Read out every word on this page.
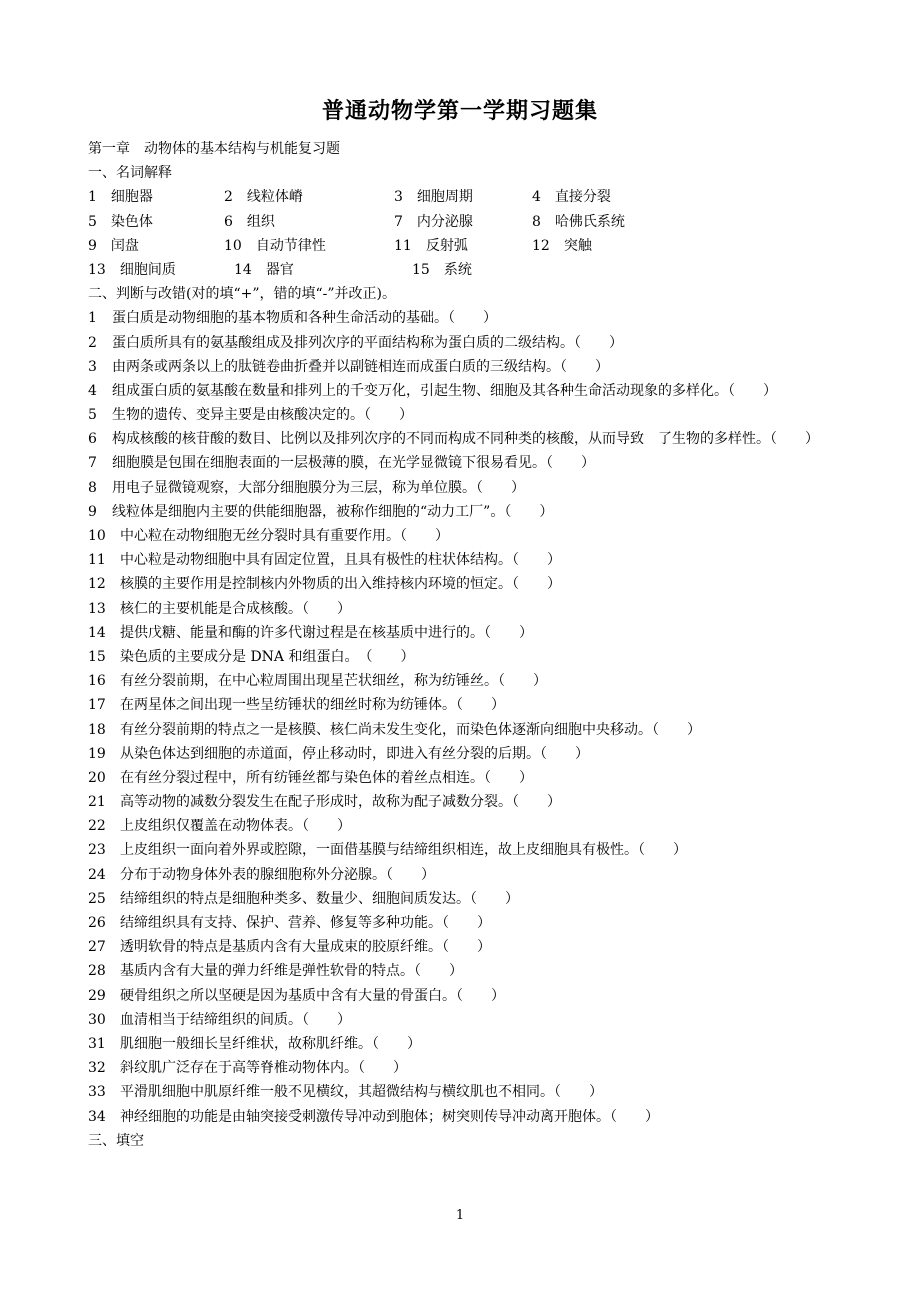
普通动物学第一学期习题集
第一章　动物体的基本结构与机能复习题
一、名词解释
1　细胞器	2　线粒体嵴	3　细胞周期	4　直接分裂
5　染色体	6　组织	7　内分泌腺	8　哈佛氏系统
9　闰盘	10　自动节律性	11　反射弧	12　突触
13　细胞间质	14　器官	15　系统
二、判断与改错(对的填“+”，错的填“-”并改正)。
1 蛋白质是动物细胞的基本物质和各种生命活动的基础。（　　）
2 蛋白质所具有的氨基酸组成及排列次序的平面结构称为蛋白质的二级结构。（　　）
3 由两条或两条以上的肽链卷曲折叠并以副链相连而成蛋白质的三级结构。（　　）
4 组成蛋白质的氨基酸在数量和排列上的千变万化，引起生物、细胞及其各种生命活动现象的多样化。（　　）
5 生物的遗传、变异主要是由核酸决定的。（　　）
6 构成核酸的核苷酸的数目、比例以及排列次序的不同而构成不同种类的核酸，从而导致　了生物的多样性。（　　）
7 细胞膜是包围在细胞表面的一层极薄的膜，在光学显微镜下很易看见。（　　）
8 用电子显微镜观察，大部分细胞膜分为三层，称为单位膜。（　　）
9 线粒体是细胞内主要的供能细胞器，被称作细胞的“动力工厂”。（　　）
10 中心粒在动物细胞无丝分裂时具有重要作用。（　　）
11 中心粒是动物细胞中具有固定位置，且具有极性的柱状体结构。（　　）
12 核膜的主要作用是控制核内外物质的出入维持核内环境的恒定。（　　）
13 核仁的主要机能是合成核酸。（　　）
14 提供戊糖、能量和酶的许多代谢过程是在核基质中进行的。（　　）
15 染色质的主要成分是 DNA 和组蛋白。　（　　）
16 有丝分裂前期，在中心粒周围出现星芒状细丝，称为纺锤丝。（　　）
17 在两星体之间出现一些呈纺锤状的细丝时称为纺锤体。（　　）
18 有丝分裂前期的特点之一是核膜、核仁尚未发生变化，而染色体逐渐向细胞中央移动。（　　）
19 从染色体达到细胞的赤道面，停止移动时，即进入有丝分裂的后期。（　　）
20 在有丝分裂过程中，所有纺锤丝都与染色体的着丝点相连。（　　）
21 高等动物的减数分裂发生在配子形成时，故称为配子减数分裂。（　　）
22 上皮组织仅覆盖在动物体表。（　　）
23 上皮组织一面向着外界或腔隙，一面借基膜与结缔组织相连，故上皮细胞具有极性。（　　）
24 分布于动物身体外表的腺细胞称外分泌腺。（　　）
25 结缔组织的特点是细胞种类多、数量少、细胞间质发达。（　　）
26 结缔组织具有支持、保护、营养、修复等多种功能。（　　）
27 透明软骨的特点是基质内含有大量成束的胶原纤维。（　　）
28 基质内含有大量的弹力纤维是弹性软骨的特点。（　　）
29 硬骨组织之所以坚硬是因为基质中含有大量的骨蛋白。（　　）
30 血清相当于结缔组织的间质。（　　）
31 肌细胞一般细长呈纤维状，故称肌纤维。（　　）
32 斜纹肌广泛存在于高等脊椎动物体内。（　　）
33 平滑肌细胞中肌原纤维一般不见横纹，其超微结构与横纹肌也不相同。（　　）
34 神经细胞的功能是由轴突接受刺激传导冲动到胞体；树突则传导冲动离开胞体。（　　）
三、填空
1
